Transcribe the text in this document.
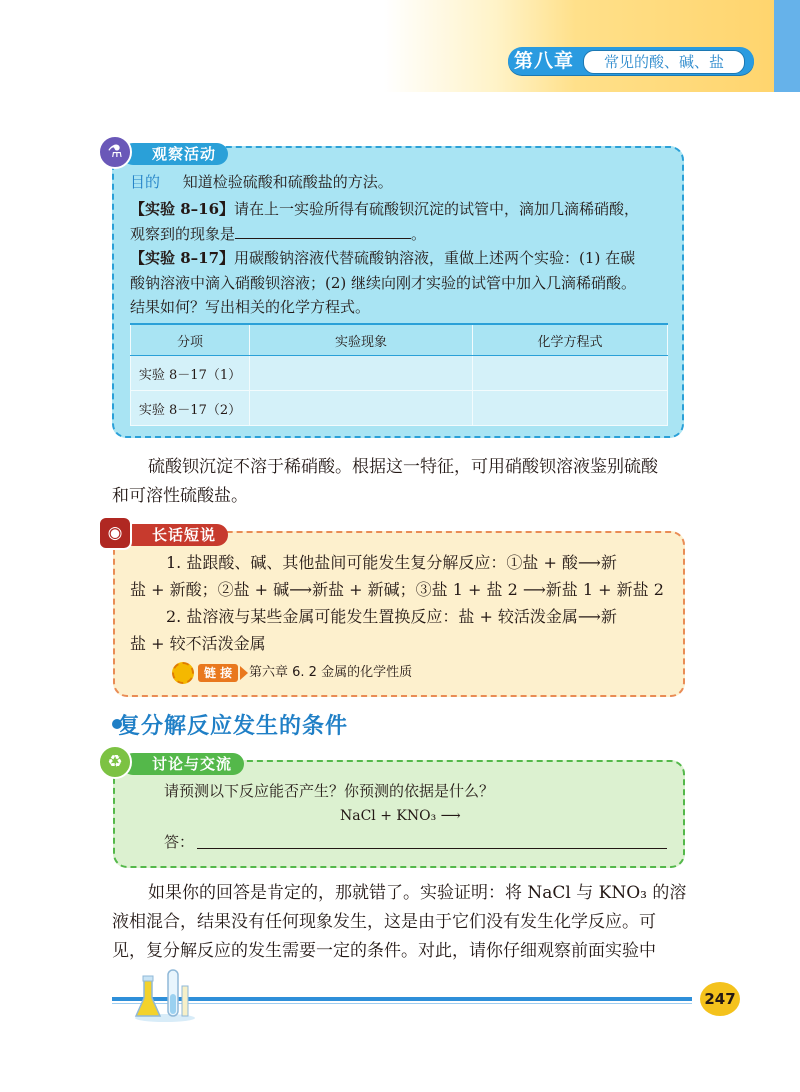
第八章	常见的酸、碱、盐
观察活动
⚗
目的 知道检验硫酸和硫酸盐的方法。
【实验 8–16】请在上一实验所得有硫酸钡沉淀的试管中，滴加几滴稀硝酸，
观察到的现象是	。
【实验 8–17】用碳酸钠溶液代替硫酸钠溶液，重做上述两个实验：(1) 在碳
酸钠溶液中滴入硝酸钡溶液；(2) 继续向刚才实验的试管中加入几滴稀硝酸。
结果如何？写出相关的化学方程式。
分项	实验现象	化学方程式
实验 8－17（1）		
实验 8－17（2）		
硫酸钡沉淀不溶于稀硝酸。根据这一特征，可用硝酸钡溶液鉴别硫酸
和可溶性硫酸盐。
长话短说
◉
1. 盐跟酸、碱、其他盐间可能发生复分解反应：①盐 + 酸⟶新
盐 + 新酸；②盐 + 碱⟶新盐 + 新碱；③盐 1 + 盐 2 ⟶新盐 1 + 新盐 2
2. 盐溶液与某些金属可能发生置换反应：盐 + 较活泼金属⟶新
盐 + 较不活泼金属
链 接	第六章 6. 2 金属的化学性质
复分解反应发生的条件
讨论与交流
♻
请预测以下反应能否产生？你预测的依据是什么？
NaCl + KNO₃ ⟶
答：
如果你的回答是肯定的，那就错了。实验证明：将 NaCl 与 KNO₃ 的溶
液相混合，结果没有任何现象发生，这是由于它们没有发生化学反应。可
见，复分解反应的发生需要一定的条件。对此，请你仔细观察前面实验中
247
